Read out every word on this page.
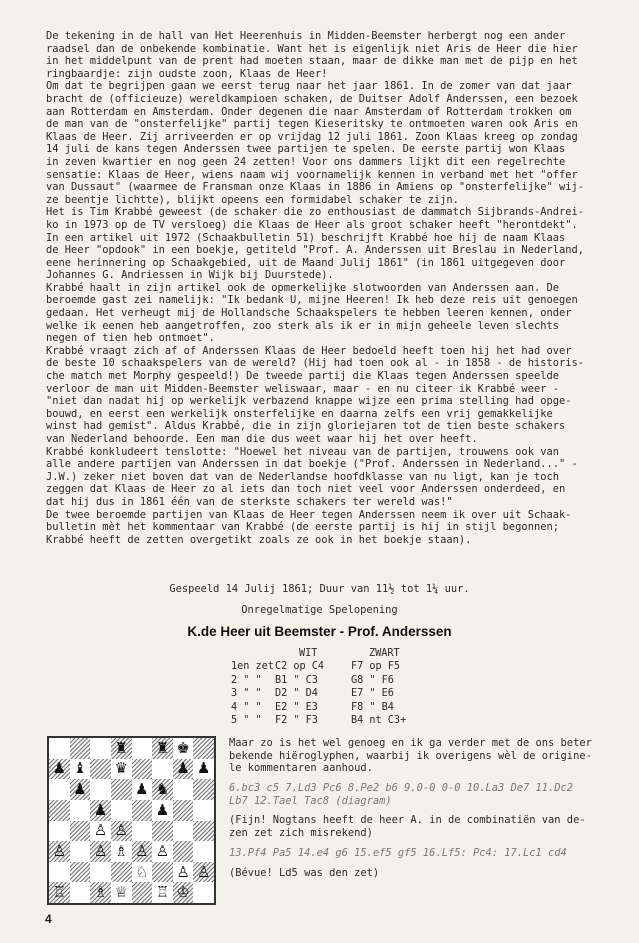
De tekening in de hall van Het Heerenhuis in Midden-Beemster herbergt nog een ander
raadsel dan de onbekende kombinatie. Want het is eigenlijk niet Aris de Heer die hier
in het middelpunt van de prent had moeten staan, maar de dikke man met de pijp en het
ringbaardje: zijn oudste zoon, Klaas de Heer!
Om dat te begrijpen gaan we eerst terug naar het jaar 1861. In de zomer van dat jaar
bracht de (officieuze) wereldkampioen schaken, de Duitser Adolf Anderssen, een bezoek
aan Rotterdam en Amsterdam. Onder degenen die naar Amsterdam of Rotterdam trokken om
de man van de "onsterfelijke" partij tegen Kieseritsky te ontmoeten waren ook Aris en
Klaas de Heer. Zij arriveerden er op vrijdag 12 juli 1861. Zoon Klaas kreeg op zondag
14 juli de kans tegen Anderssen twee partijen te spelen. De eerste partij won Klaas
in zeven kwartier en nog geen 24 zetten! Voor ons dammers lijkt dit een regelrechte
sensatie: Klaas de Heer, wiens naam wij voornamelijk kennen in verband met het "offer
van Dussaut" (waarmee de Fransman onze Klaas in 1886 in Amiens op "onsterfelijke" wij-
ze beentje lichtte), blijkt opeens een formidabel schaker te zijn.
Het is Tim Krabbé geweest (de schaker die zo enthousiast de dammatch Sijbrands-Andrei-
ko in 1973 op de TV versloeg) die Klaas de Heer als groot schaker heeft "herontdekt".
In een artikel uit 1972 (Schaakbulletin 51) beschrijft Krabbé hoe hij de naam Klaas
de Heer "opdook" in een boekje, getiteld "Prof. A. Anderssen uit Breslau in Nederland,
eene herinnering op Schaakgebied, uit de Maand Julij 1861" (in 1861 uitgegeven door
Johannes G. Andriessen in Wijk bij Duurstede).
Krabbé haalt in zijn artikel ook de opmerkelijke slotwoorden van Anderssen aan. De
beroemde gast zei namelijk: "Ik bedank U, mijne Heeren! Ik heb deze reis uit genoegen
gedaan. Het verheugt mij de Hollandsche Schaakspelers te hebben leeren kennen, onder
welke ik eenen heb aangetroffen, zoo sterk als ik er in mijn geheele leven slechts
negen of tien heb ontmoet".
Krabbé vraagt zich af of Anderssen Klaas de Heer bedoeld heeft toen hij het had over
de beste 10 schaakspelers van de wereld? (Hij had toen ook al - in 1858 - de historis-
che match met Morphy gespeeld!) De tweede partij die Klaas tegen Anderssen speelde
verloor de man uit Midden-Beemster weliswaar, maar - en nu citeer ik Krabbé weer -
"niet dan nadat hij op werkelijk verbazend knappe wijze een prima stelling had opge-
bouwd, en eerst een werkelijk onsterfelijke en daarna zelfs een vrij gemakkelijke
winst had gemist". Aldus Krabbé, die in zijn gloriejaren tot de tien beste schakers
van Nederland behoorde. Een man die dus weet waar hij het over heeft.
Krabbé konkludeert tenslotte: "Hoewel het niveau van de partijen, trouwens ook van
alle andere partijen van Anderssen in dat boekje ("Prof. Anderssen in Nederland..." -
J.W.) zeker niet boven dat van de Nederlandse hoofdklasse van nu ligt, kan je toch
zeggen dat Klaas de Heer zo al iets dan toch niet veel voor Anderssen onderdeed, en
dat hij dus in 1861 één van de sterkste schakers ter wereld was!"
De twee beroemde partijen van Klaas de Heer tegen Anderssen neem ik over uit Schaak-
bulletin mèt het kommentaar van Krabbé (de eerste partij is hij in stijl begonnen;
Krabbé heeft de zetten overgetikt zoals ze ook in het boekje staan).
Gespeeld 14 Julij 1861; Duur van 11½ tot 1¼ uur.
Onregelmatige Spelopening
K.de Heer uit Beemster - Prof. Anderssen
WIT	ZWART
1en zet C2 op C4	F7 op F5
2 " "	B1 " C3	G8 " F6
3 " "	D2 " D4	E7 " E6
4 " "	E2 " E3	F8 " B4
5 " "	F2 " F3	B4 nt C3+
♜ ♜ ♚
♟ ♝ ♛	♟ ♟
♟	♟ ♞
♟	♟
♙ ♙
♙ ♙ ♗ ♙ ♙
♘ ♙ ♙
♖ ♗ ♕ ♖ ♔
Maar zo is het wel genoeg en ik ga verder met de ons beter
bekende hiëroglyphen, waarbij ik overigens wèl de origine-
le kommentaren aanhoud.
6.bc3 c5 7.Ld3 Pc6 8.Pe2 b6 9.0-0 0-0 10.La3 De7 11.Dc2
Lb7 12.Tael Tac8 (diagram)
(Fijn! Nogtans heeft de heer A. in de combinatiën van de-
zen zet zich misrekend)
13.Pf4 Pa5 14.e4 g6 15.ef5 gf5 16.Lf5: Pc4: 17.Lc1 cd4
(Bévue! Ld5 was den zet)
4
